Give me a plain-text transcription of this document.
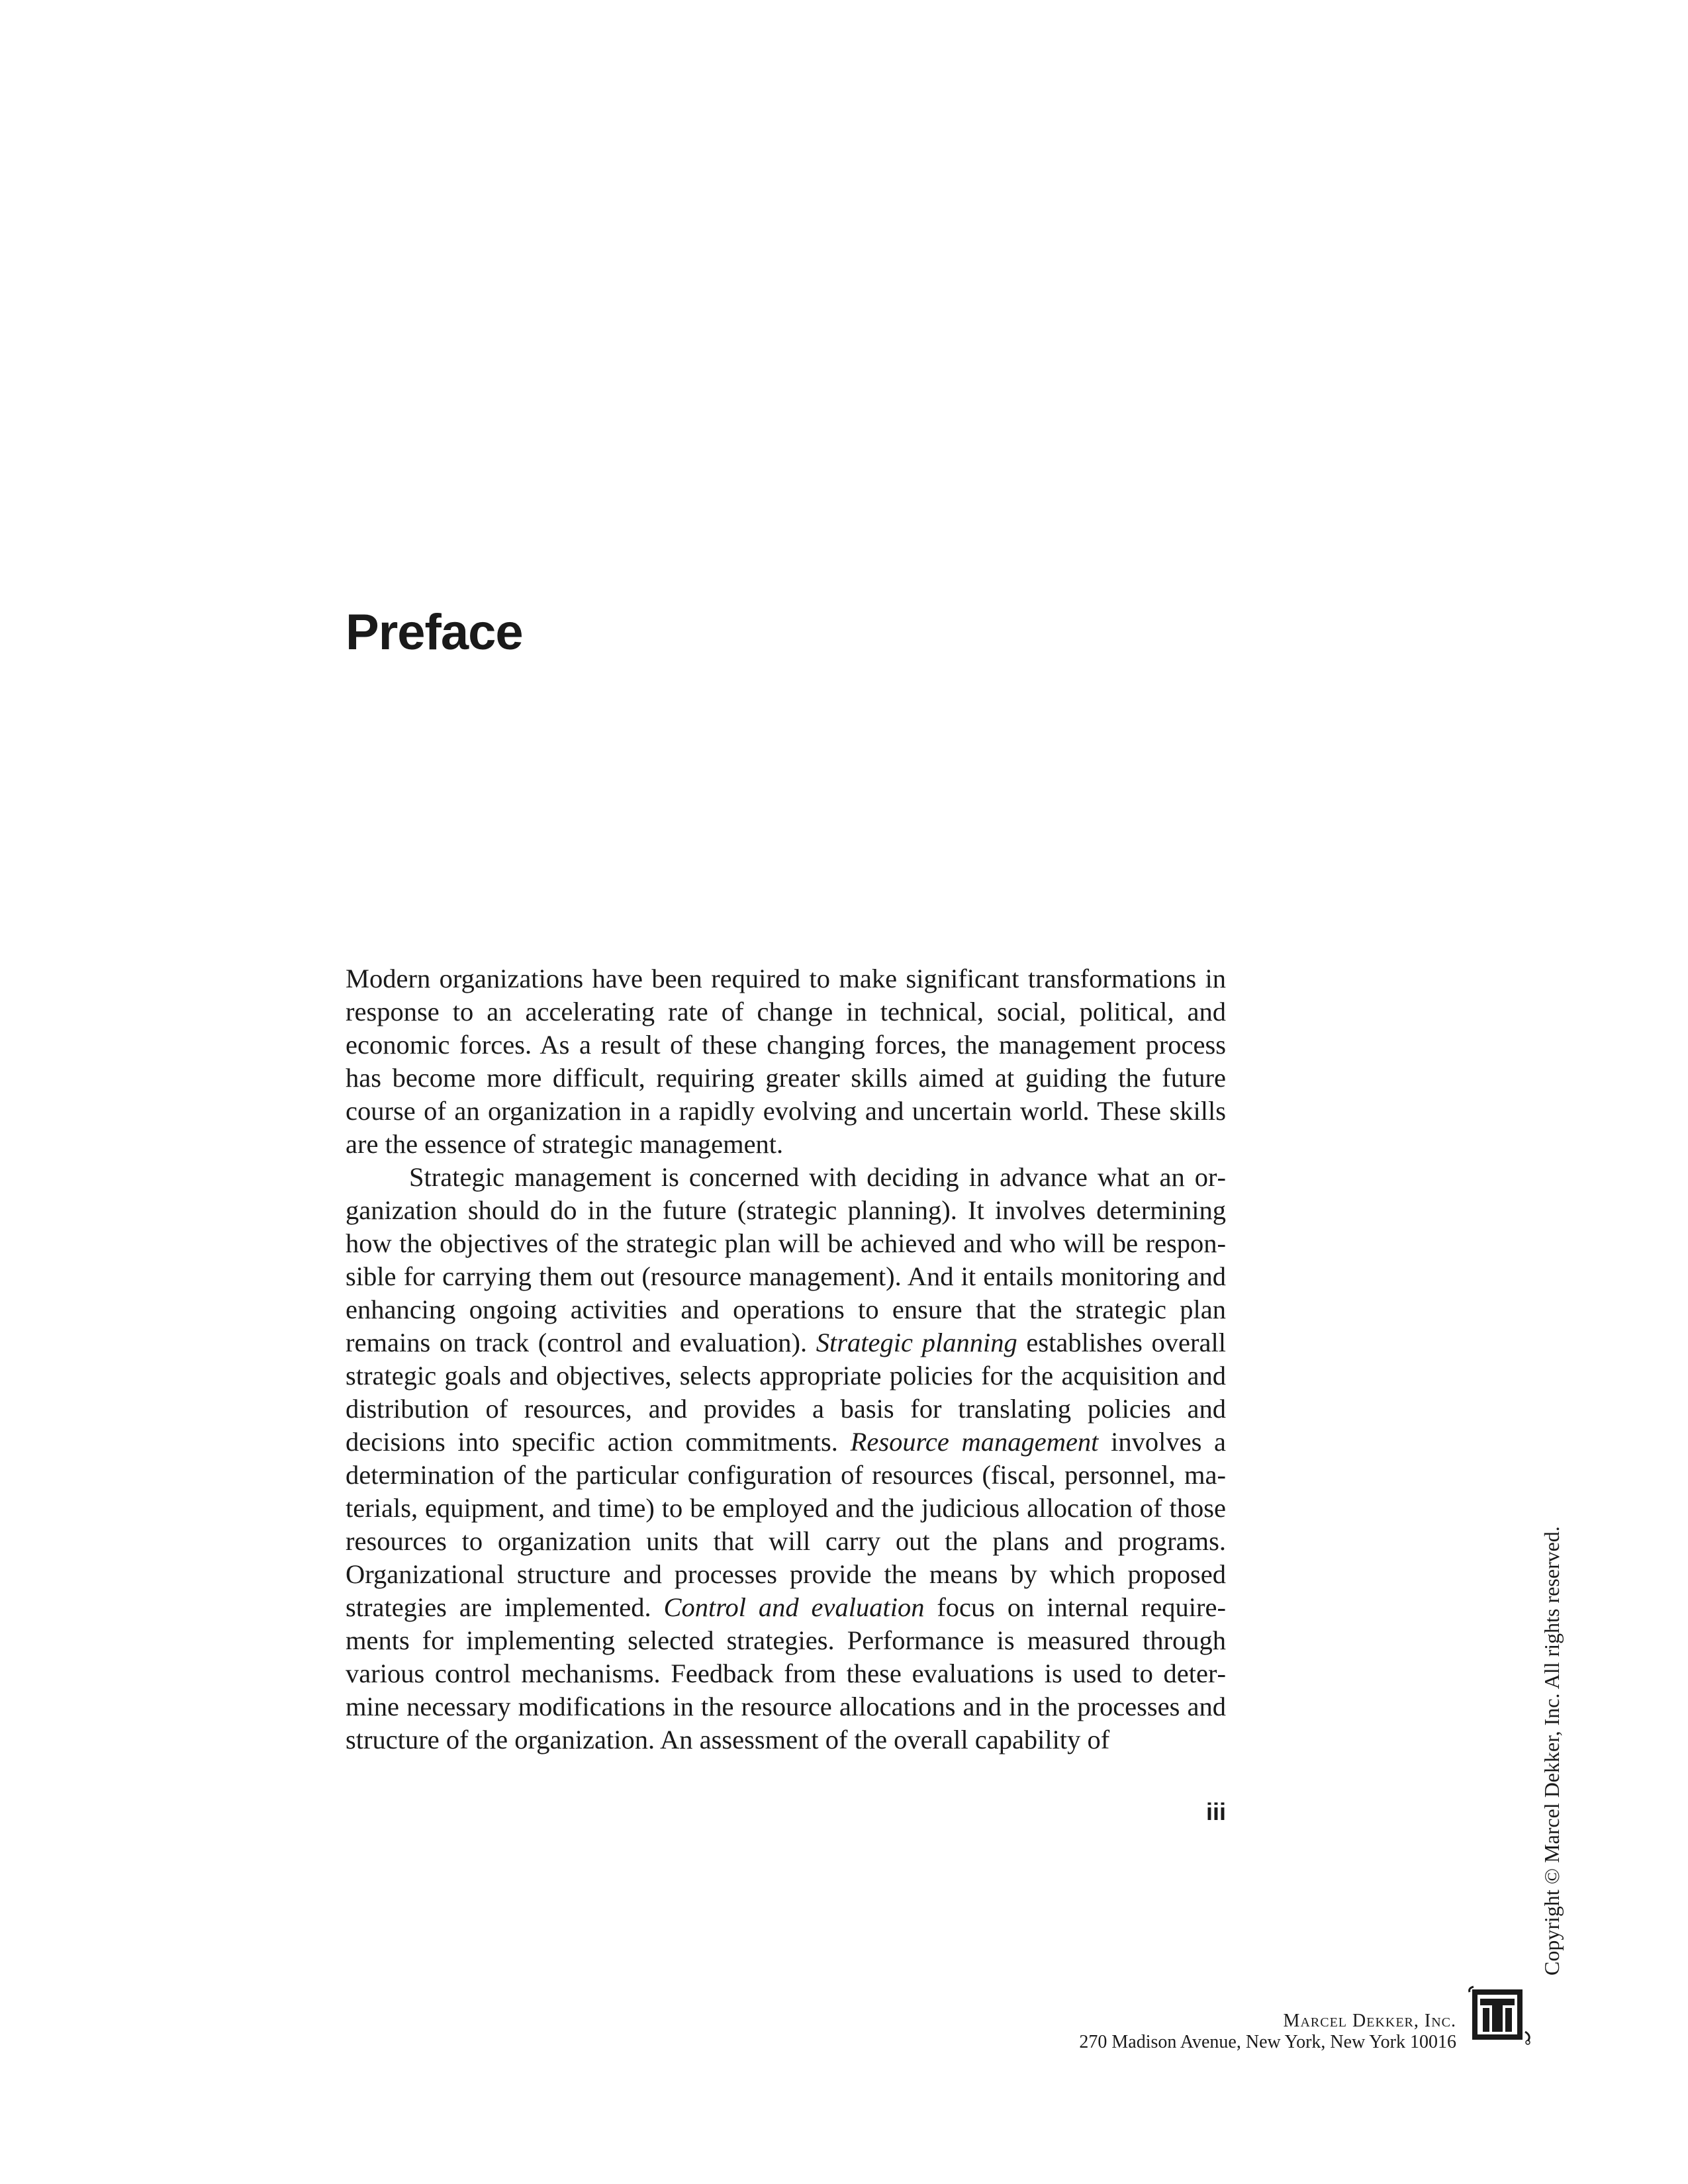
Preface

Modern organizations have been required to make significant transformations in response to an accelerating rate of change in technical, social, political, and economic forces. As a result of these changing forces, the management process has become more difficult, requiring greater skills aimed at guiding the future course of an organization in a rapidly evolving and uncertain world. These skills are the essence of strategic management.

Strategic management is concerned with deciding in advance what an organization should do in the future (strategic planning). It involves determining how the objectives of the strategic plan will be achieved and who will be responsible for carrying them out (resource management). And it entails monitoring and enhancing ongoing activities and operations to ensure that the strategic plan remains on track (control and evaluation). Strategic planning establishes overall strategic goals and objectives, selects appropriate policies for the acquisition and distribution of resources, and provides a basis for translating policies and decisions into specific action commitments. Resource management involves a determination of the particular configuration of resources (fiscal, personnel, materials, equipment, and time) to be employed and the judicious allocation of those resources to organization units that will carry out the plans and programs. Organizational structure and processes provide the means by which proposed strategies are implemented. Control and evaluation focus on internal requirements for implementing selected strategies. Performance is measured through various control mechanisms. Feedback from these evaluations is used to determine necessary modifications in the resource allocations and in the processes and structure of the organization. An assessment of the overall capability of

iii	Copyright © Marcel Dekker, Inc. All rights reserved.
Marcel Dekker, Inc.
270 Madison Avenue, New York, New York 10016
